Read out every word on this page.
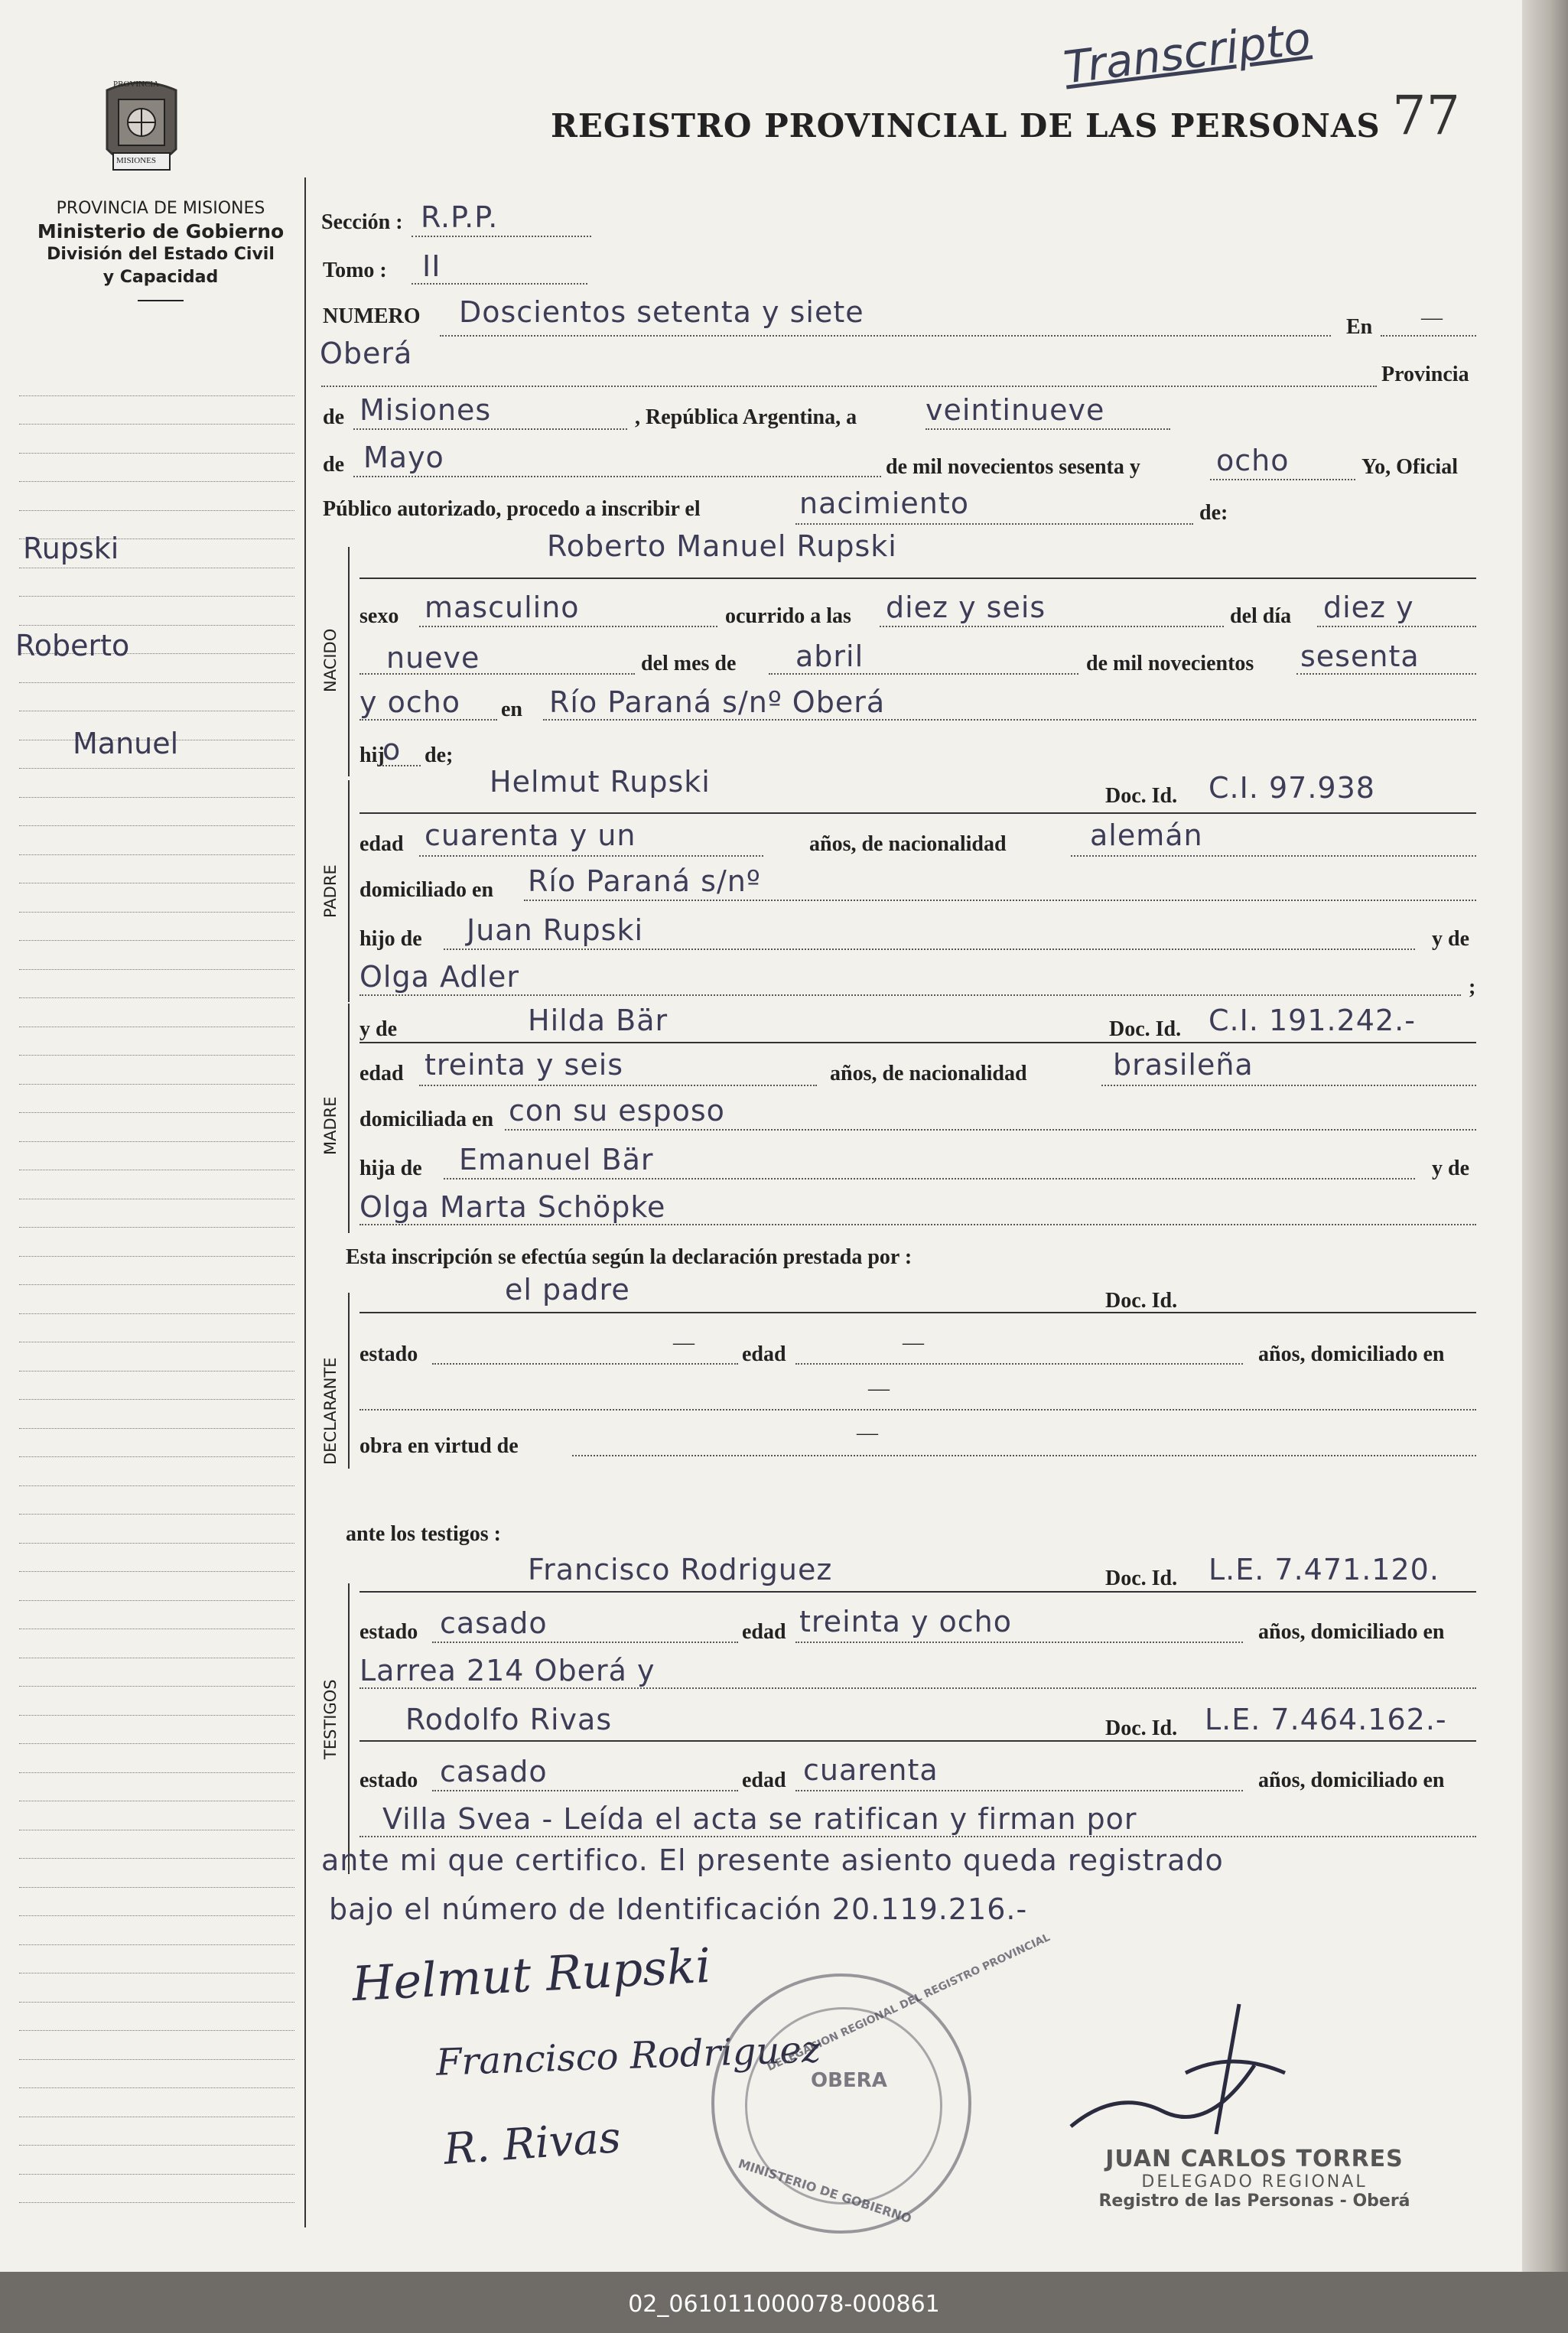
PROVINCIA
MISIONES
PROVINCIA DE MISIONES
Ministerio de Gobierno
División del Estado Civil
y Capacidad
REGISTRO PROVINCIAL DE LAS PERSONAS 77
Transcripto
Rupski
Roberto
Manuel
Sección : R.P.P.
Tomo : II
NUMERO Doscientos setenta y siete	En —
Oberá
Provincia
de Misiones	, República Argentina, a veintinueve
de Mayo	de mil novecientos sesenta y	ocho	Yo, Oficial
Público autorizado, procedo a inscribir el	nacimiento	de:
NACIDO
Roberto Manuel Rupski
sexo masculino	ocurrido a las diez y seis	del día diez y
nueve	del mes de abril	de mil novecientos sesenta
y ocho en Río Paraná s/nº Oberá
hij
o de;
PADRE
Helmut Rupski	Doc. Id. C.I. 97.938
edad cuarenta y un	años, de nacionalidad	alemán
domiciliado en Río Paraná s/nº
hijo de Juan Rupski	y de
Olga Adler	;
MADRE
y de	Hilda Bär	Doc. Id. C.I. 191.242.-
edad treinta y seis	años, de nacionalidad	brasileña
domiciliada en con su esposo
hija de Emanuel Bär	y de
Olga Marta Schöpke
Esta inscripción se efectúa según la declaración prestada por :
DECLARANTE
el padre	Doc. Id.
estado	— edad	—	años, domiciliado en
—
obra en virtud de
—
ante los testigos :
TESTIGOS
Francisco Rodriguez	Doc. Id. L.E. 7.471.120.
estado casado	edad treinta y ocho	años, domiciliado en
Larrea 214 Oberá y
Rodolfo Rivas	Doc. Id. L.E. 7.464.162.-
estado casado	edad cuarenta	años, domiciliado en
Villa Svea - Leída el acta se ratifican y firman por
ante mi que certifico. El presente asiento queda registrado
bajo el número de Identificación 20.119.216.-
Helmut Rupski
Francisco Rodriguez
R. Rivas
DELEGACION REGIONAL DEL REGISTRO PROVINCIAL
OBERA
MINISTERIO DE GOBIERNO	JUAN CARLOS TORRES
DELEGADO REGIONAL
Registro de las Personas - Oberá
02_061011000078-000861
